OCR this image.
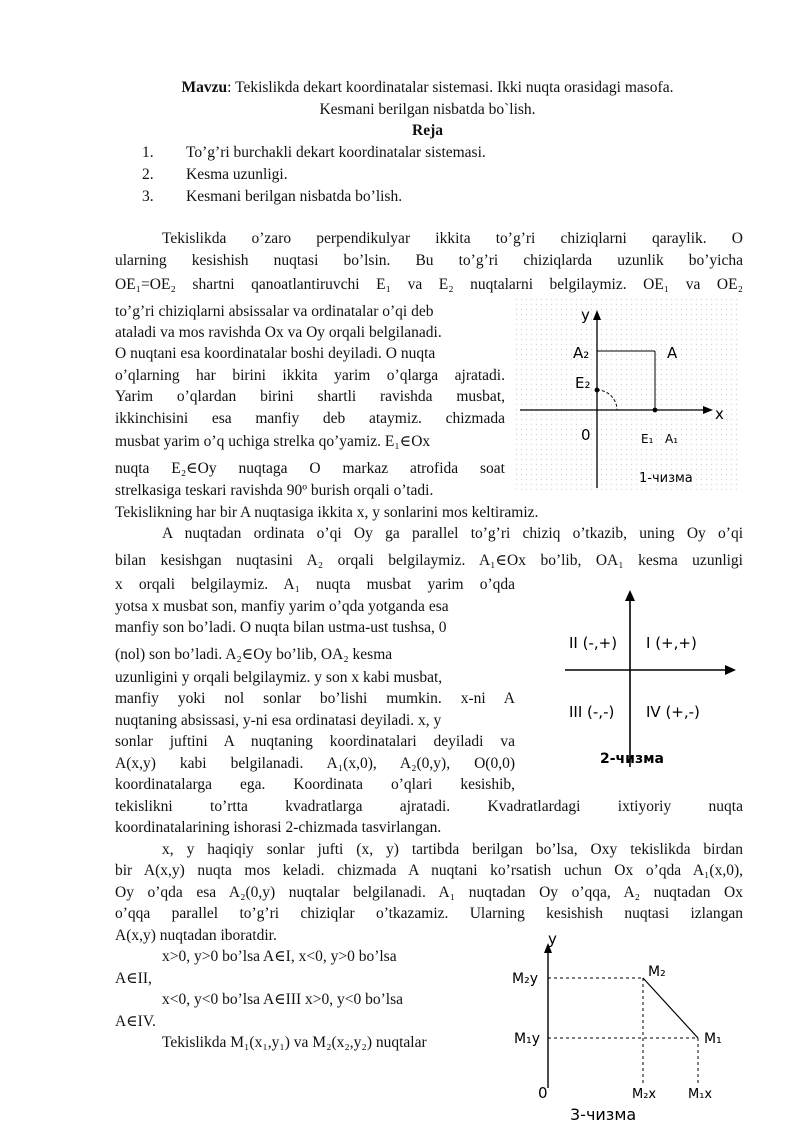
Mavzu: Tekislikda dekart koordinatalar sistemasi. Ikki nuqta orasidagi masofa.
Kesmani berilgan nisbatda bo`lish.
Reja
1. To’g’ri burchakli dekart koordinatalar sistemasi.
2. Kesma uzunligi.
3. Kesmani berilgan nisbatda bo’lish.
Tekislikda o’zaro perpendikulyar ikkita to’g’ri chiziqlarni qaraylik. O
ularning kesishish nuqtasi bo’lsin. Bu to’g’ri chiziqlarda uzunlik bo’yicha
OE₁=OE₂ shartni qanoatlantiruvchi E₁ va E₂ nuqtalarni belgilaymiz. OE₁ va OE₂
to’g’ri chiziqlarni absissalar va ordinatalar o’qi deb
ataladi va mos ravishda Ox va Oy orqali belgilanadi.
O nuqtani esa koordinatalar boshi deyiladi. O nuqta
o’qlarning har birini ikkita yarim o’qlarga ajratadi.
Yarim o’qlardan birini shartli ravishda musbat,
ikkinchisini esa manfiy deb ataymiz. chizmada
musbat yarim o’q uchiga strelka qo’yamiz. E₁∈Ox
nuqta E₂∈Oy nuqtaga O markaz atrofida soat
strelkasiga teskari ravishda 90º burish orqali o’tadi.
Tekislikning har bir A nuqtasiga ikkita x, y sonlarini mos keltiramiz.
A nuqtadan ordinata o’qi Oy ga parallel to’g’ri chiziq o’tkazib, uning Oy o’qi
bilan kesishgan nuqtasini A₂ orqali belgilaymiz. A₁∈Ox bo’lib, OA₁ kesma uzunligi
x orqali belgilaymiz. A₁ nuqta musbat yarim o’qda
yotsa x musbat son, manfiy yarim o’qda yotganda esa
manfiy son bo’ladi. O nuqta bilan ustma-ust tushsa, 0
(nol) son bo’ladi. A₂∈Oy bo’lib, OA₂ kesma
uzunligini y orqali belgilaymiz. y son x kabi musbat,
manfiy yoki nol sonlar bo’lishi mumkin. x-ni A
nuqtaning absissasi, y-ni esa ordinatasi deyiladi. x, y
sonlar juftini A nuqtaning koordinatalari deyiladi va
A(x,y) kabi belgilanadi. A₁(x,0), A₂(0,y), O(0,0)
koordinatalarga ega. Koordinata o’qlari kesishib,
tekislikni to’rtta kvadratlarga ajratadi. Kvadratlardagi ixtiyoriy nuqta
koordinatalarining ishorasi 2-chizmada tasvirlangan.
x, y haqiqiy sonlar jufti (x, y) tartibda berilgan bo’lsa, Oxy tekislikda birdan
bir A(x,y) nuqta mos keladi. chizmada A nuqtani ko’rsatish uchun Ox o’qda A₁(x,0),
Oy o’qda esa A₂(0,y) nuqtalar belgilanadi. A₁ nuqtadan Oy o’qqa, A₂ nuqtadan Ox
o’qqa parallel to’g’ri chiziqlar o’tkazamiz. Ularning kesishish nuqtasi izlangan
A(x,y) nuqtadan iboratdir.
x>0, y>0 bo’lsa A∈I, x<0, y>0 bo’lsa
A∈II,
x<0, y<0 bo’lsa A∈III x>0, y<0 bo’lsa
A∈IV.
Tekislikda M₁(x₁,y₁) va M₂(x₂,y₂) nuqtalar
y
A₂	A
E₂
x
0	E₁ A₁
1-чизма
II (-,+) I (+,+)
III (-,-) IV (+,-)
2-чизма
y
M₂y	M₂
M₁y	M₁
0	M₂x M₁x
3-чизма
